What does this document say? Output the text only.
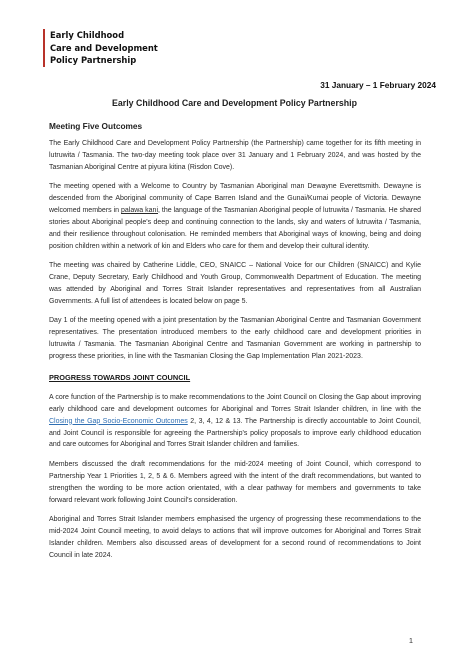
Early Childhood
Care and Development
Policy Partnership
31 January – 1 February 2024
Early Childhood Care and Development Policy Partnership
Meeting Five Outcomes

The Early Childhood Care and Development Policy Partnership (the Partnership) came together for its fifth meeting in lutruwita / Tasmania. The two-day meeting took place over 31 January and 1 February 2024, and was hosted by the Tasmanian Aboriginal Centre at piyura kitina (Risdon Cove).

The meeting opened with a Welcome to Country by Tasmanian Aboriginal man Dewayne Everettsmith. Dewayne is descended from the Aboriginal community of Cape Barren Island and the Gunai/Kurnai people of Victoria. Dewayne welcomed members in palawa kani, the language of the Tasmanian Aboriginal people of lutruwita / Tasmania. He shared stories about Aboriginal people's deep and continuing connection to the lands, sky and waters of lutruwita / Tasmania, and their resilience throughout colonisation. He reminded members that Aboriginal ways of knowing, being and doing position children within a network of kin and Elders who care for them and develop their cultural identity.

The meeting was chaired by Catherine Liddle, CEO, SNAICC – National Voice for our Children (SNAICC) and Kylie Crane, Deputy Secretary, Early Childhood and Youth Group, Commonwealth Department of Education. The meeting was attended by Aboriginal and Torres Strait Islander representatives and representatives from all Australian Governments. A full list of attendees is located below on page 5.

Day 1 of the meeting opened with a joint presentation by the Tasmanian Aboriginal Centre and Tasmanian Government representatives. The presentation introduced members to the early childhood care and development priorities in lutruwita / Tasmania. The Tasmanian Aboriginal Centre and Tasmanian Government are working in partnership to progress these priorities, in line with the Tasmanian Closing the Gap Implementation Plan 2021-2023.

PROGRESS TOWARDS JOINT COUNCIL

A core function of the Partnership is to make recommendations to the Joint Council on Closing the Gap about improving early childhood care and development outcomes for Aboriginal and Torres Strait Islander children, in line with the Closing the Gap Socio-Economic Outcomes 2, 3, 4, 12 & 13. The Partnership is directly accountable to Joint Council, and Joint Council is responsible for agreeing the Partnership's policy proposals to improve early childhood education and care outcomes for Aboriginal and Torres Strait Islander children and families.

Members discussed the draft recommendations for the mid-2024 meeting of Joint Council, which correspond to Partnership Year 1 Priorities 1, 2, 5 & 6. Members agreed with the intent of the draft recommendations, but wanted to strengthen the wording to be more action orientated, with a clear pathway for members and governments to take forward relevant work following Joint Council's consideration.

Aboriginal and Torres Strait Islander members emphasised the urgency of progressing these recommendations to the mid-2024 Joint Council meeting, to avoid delays to actions that will improve outcomes for Aboriginal and Torres Strait Islander children. Members also discussed areas of development for a second round of recommendations to Joint Council in late 2024.

1
